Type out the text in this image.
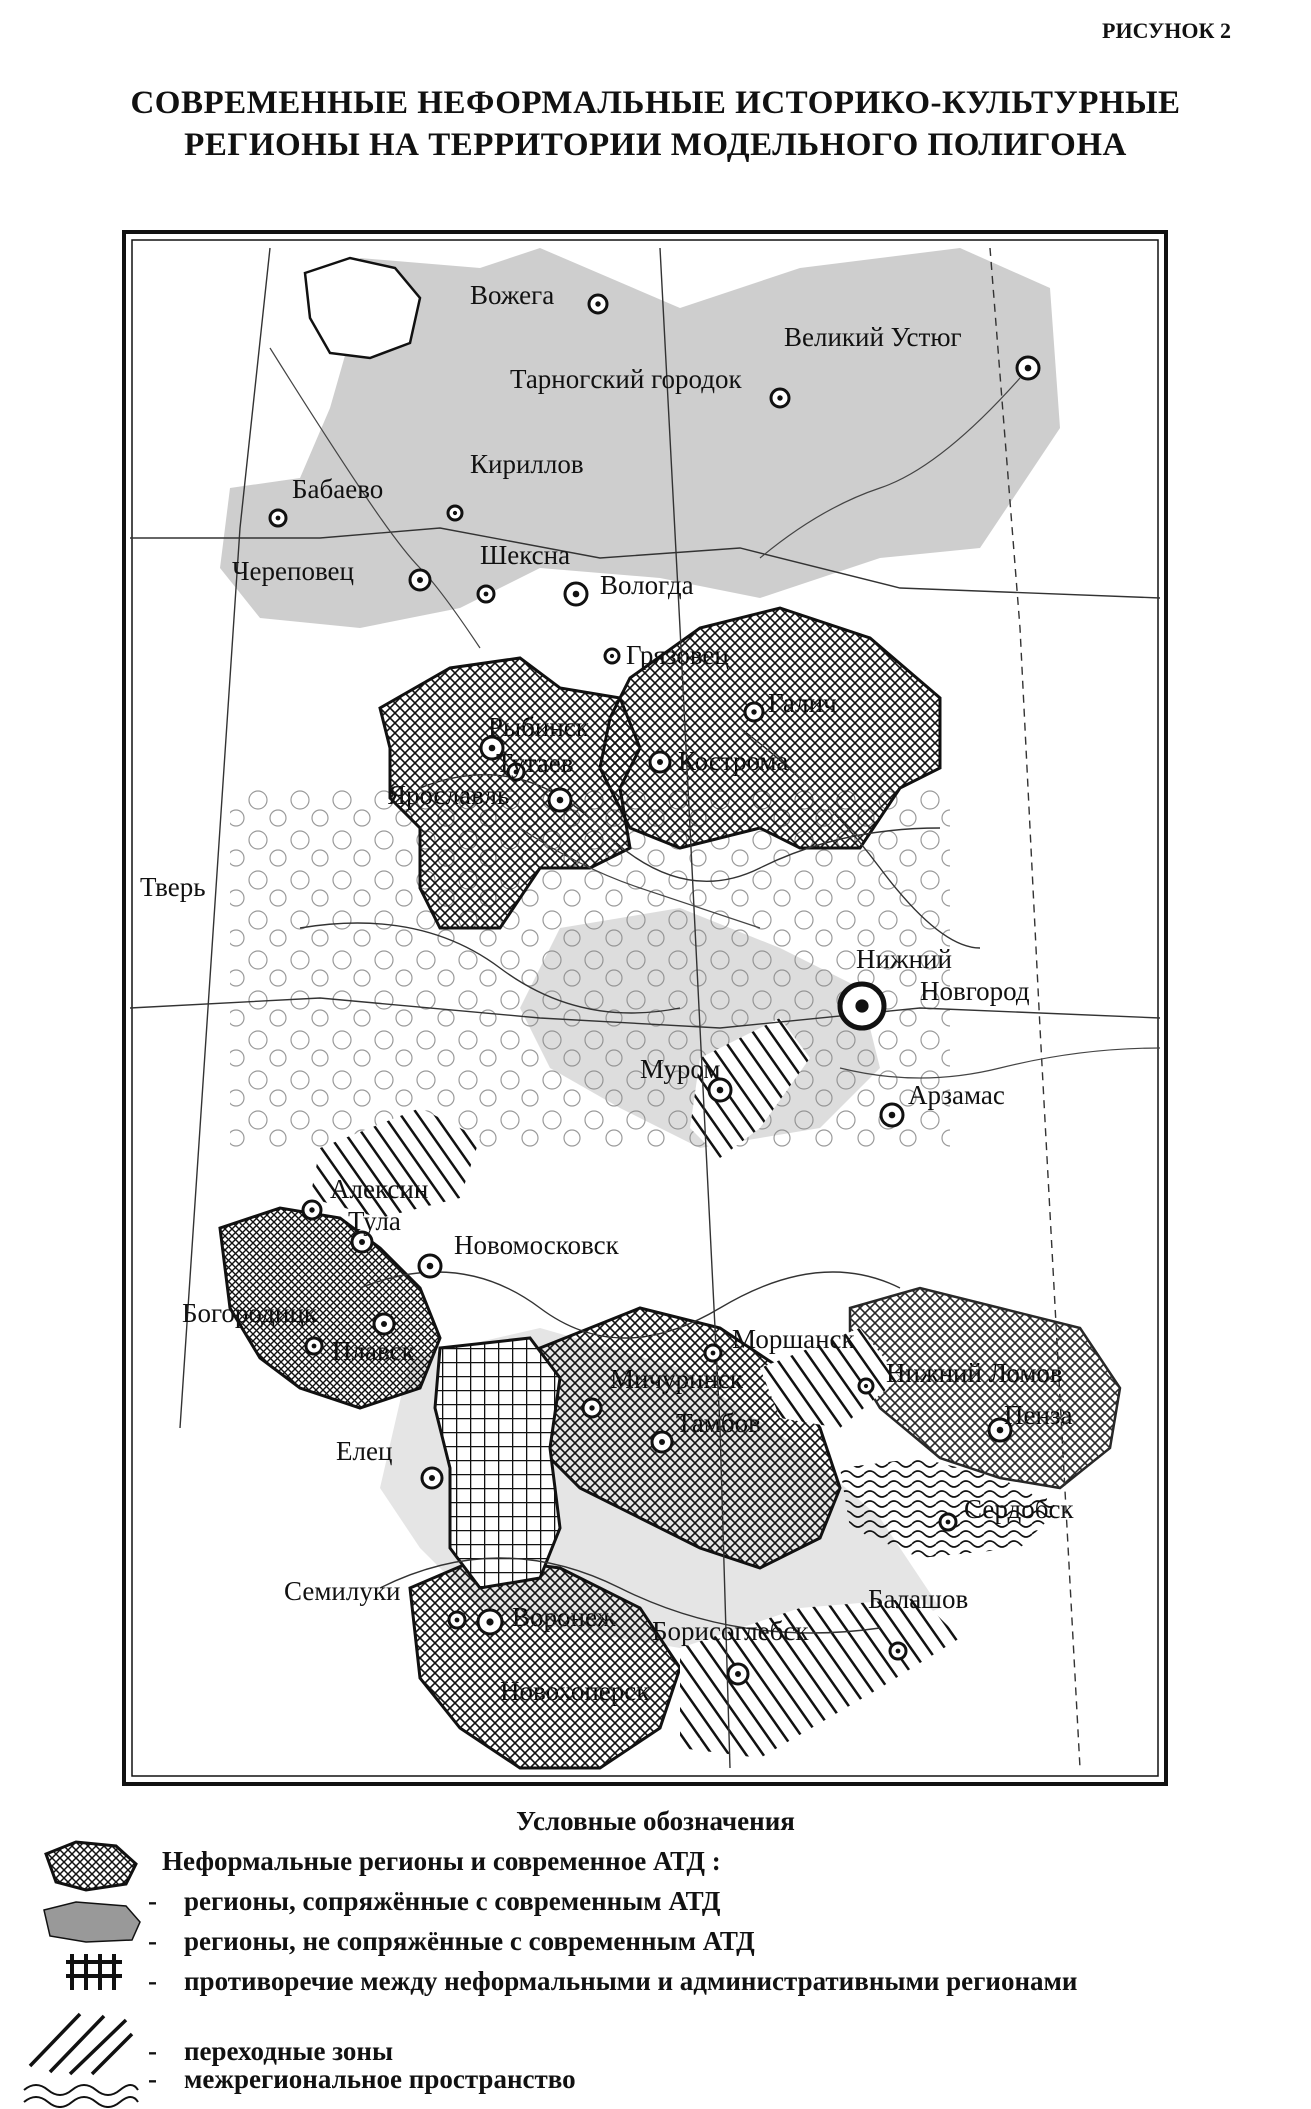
РИСУНОК 2
СОВРЕМЕННЫЕ НЕФОРМАЛЬНЫЕ ИСТОРИКО-КУЛЬТУРНЫЕ
РЕГИОНЫ НА ТЕРРИТОРИИ МОДЕЛЬНОГО ПОЛИГОНА
Вожега
Великий Устюг
Тарногский городок
Кириллов
Бабаево
Шексна
Череповец	Вологда
Грязовец
Галич
Рыбинск
Тутаев	Кострома
Ярославль
Тверь
Нижний
Новгород
Муром
Арзамас
Алексин
Тула
Новомосковск
Богородицк
Плавск	Моршанск
Мичуринск	Нижний Ломов
Пенза
Тамбов
Елец
Сердобск
Семилуки
Воронеж Борисоглебск
Балашов
Новохоперск
Условные обозначения
Неформальные регионы и современное АТД :
- регионы, сопряжённые с современным АТД
- регионы, не сопряжённые с современным АТД
- противоречие между неформальными и административными регионами
- переходные зоны
- межрегиональное пространство
